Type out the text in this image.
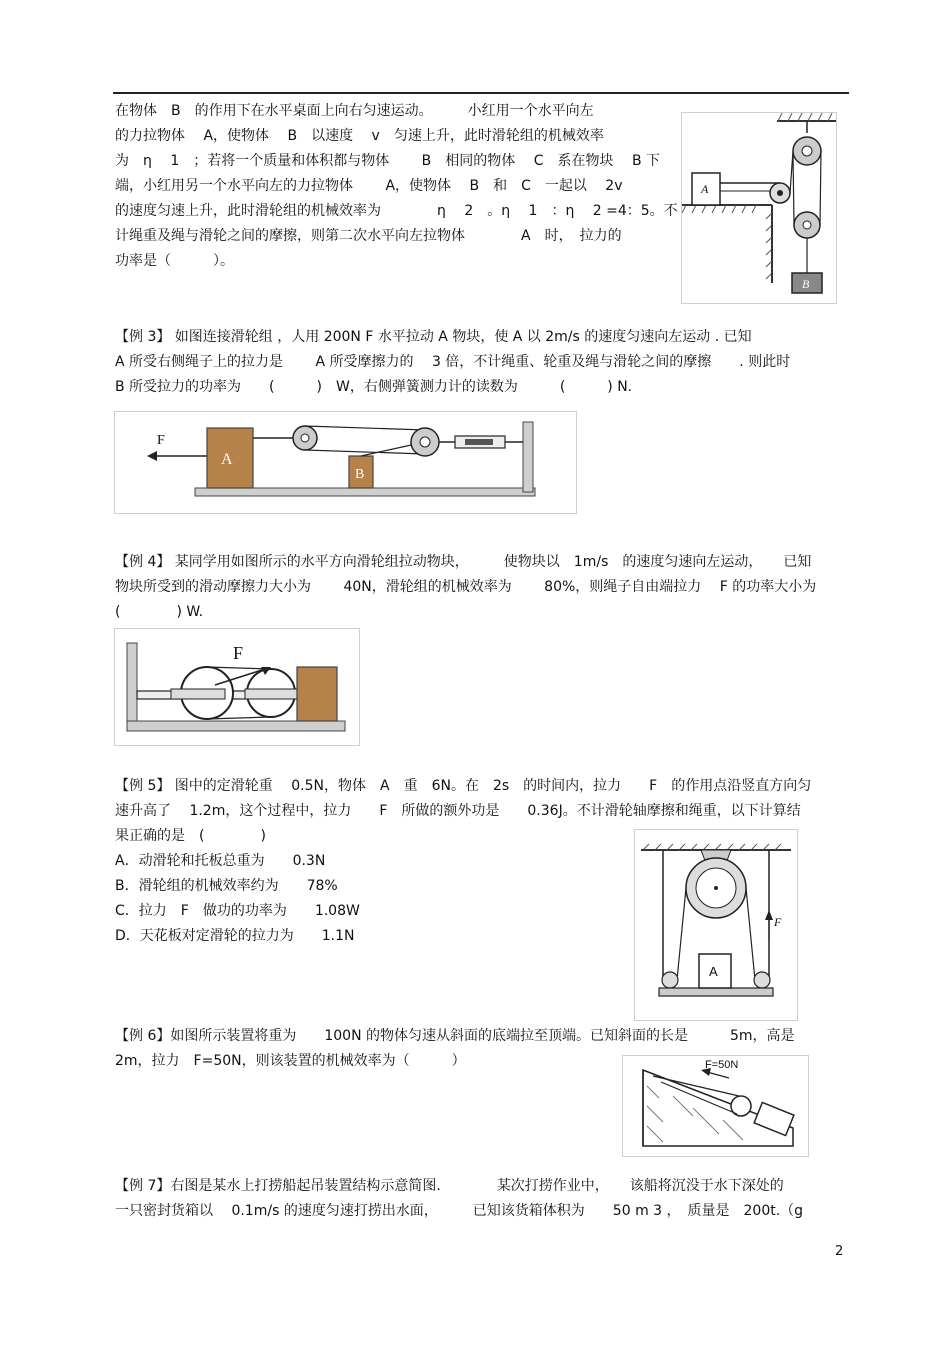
在物体　B　的作用下在水平桌面上向右匀速运动。　　　小红用一个水平向左
的力拉物体　 A，使物体　 B　以速度　 v　匀速上升，此时滑轮组的机械效率
为　η　 1　；若将一个质量和体积都与物体　　 B　相同的物体　 C　系在物块　 B 下
端，小红用另一个水平向左的力拉物体　　 A，使物体　 B　和　C　一起以　 2v
的速度匀速上升，此时滑轮组的机械效率为　　　　η　 2　。η　 1　：η　 2 =4：5。不
计绳重及绳与滑轮之间的摩擦，则第二次水平向左拉物体　　　　A　时，　拉力的
功率是（　　　）。
A
B
【例 3】 如图连接滑轮组 ，人用 200N F 水平拉动 A 物块，使 A 以 2m/s 的速度匀速向左运动 . 已知
A 所受右侧绳子上的拉力是　　 A 所受摩擦力的　 3 倍，不计绳重、轮重及绳与滑轮之间的摩擦　　. 则此时
B 所受拉力的功率为　　(　　　)　W，右侧弹簧测力计的读数为　　　(　　　) N.
F
A
B
【例 4】 某同学用如图所示的水平方向滑轮组拉动物块，　　　使物块以　1m/s　的速度匀速向左运动，　　已知
物块所受到的滑动摩擦力大小为　　 40N，滑轮组的机械效率为　　 80%，则绳子自由端拉力　 F 的功率大小为
(　　　　) W.
F
【例 5】 图中的定滑轮重　 0.5N，物体　A　重　6N。在　2s　的时间内，拉力　　F　的作用点沿竖直方向匀
速升高了　 1.2m，这个过程中，拉力　　F　所做的额外功是　　0.36J。不计滑轮轴摩擦和绳重，以下计算结
果正确的是　(　　　　)
A．动滑轮和托板总重为　　0.3N
B．滑轮组的机械效率约为　　78%
C．拉力　F　做功的功率为　　1.08W
D．天花板对定滑轮的拉力为　　1.1N
A
F
【例 6】如图所示装置将重为　　100N 的物体匀速从斜面的底端拉至顶端。已知斜面的长是　　　5m，高是
2m，拉力　F=50N，则该装置的机械效率为（　　　）	F=50N
【例 7】右图是某水上打捞船起吊装置结构示意简图.　　　　某次打捞作业中，　　该船将沉没于水下深处的
一只密封货箱以　 0.1m/s 的速度匀速打捞出水面，　　　已知该货箱体积为　　50 m 3 ，　质量是　200t.（g
2
